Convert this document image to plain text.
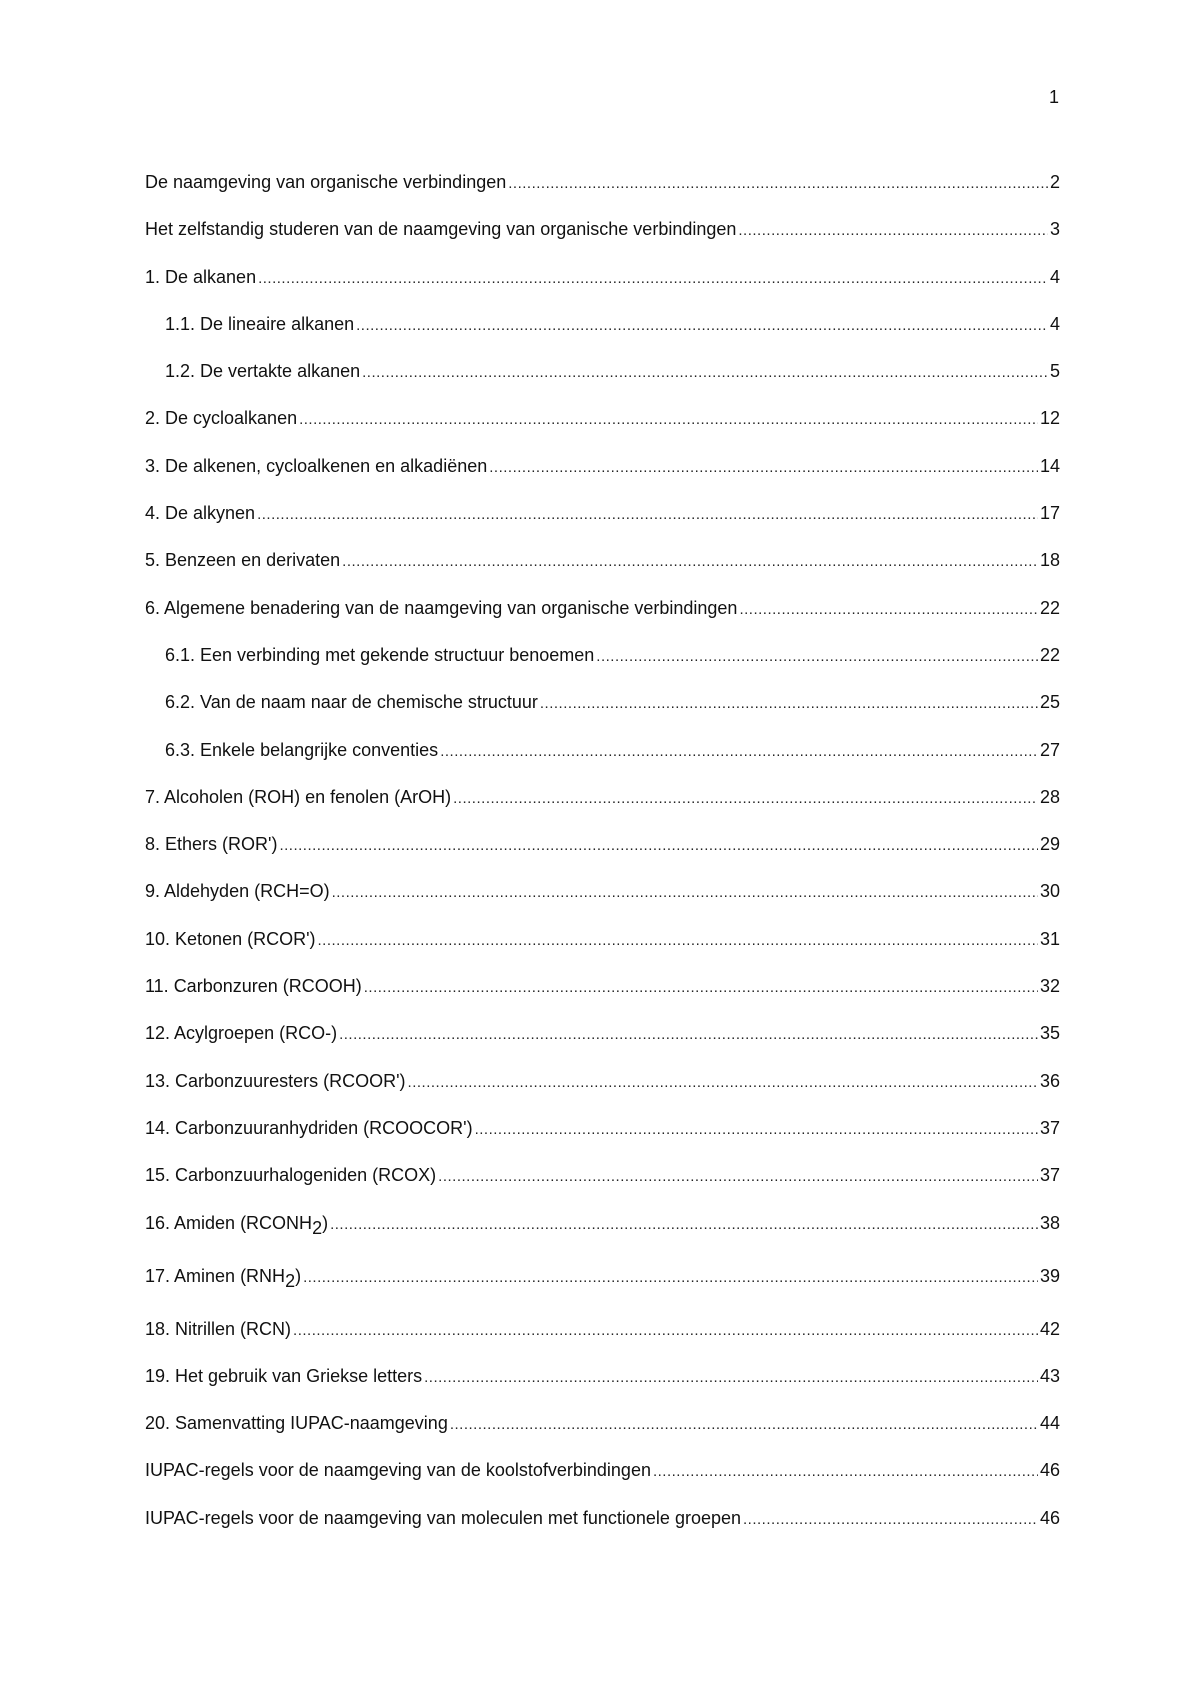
1
De naamgeving van organische verbindingen .....	2
Het zelfstandig studeren van de naamgeving van organische verbindingen .....	3
1. De alkanen .....	4
1.1. De lineaire alkanen .....	4
1.2. De vertakte alkanen .....	5
2. De cycloalkanen .....	12
3. De alkenen, cycloalkenen en alkadiënen .....	14
4. De alkynen .....	17
5. Benzeen en derivaten .....	18
6. Algemene benadering van de naamgeving van organische verbindingen .....	22
6.1. Een verbinding met gekende structuur benoemen .....	22
6.2. Van de naam naar de chemische structuur .....	25
6.3. Enkele belangrijke conventies .....	27
7. Alcoholen (ROH) en fenolen (ArOH) .....	28
8. Ethers (ROR') .....	29
9. Aldehyden (RCH=O) .....	30
10. Ketonen (RCOR') .....	31
11. Carbonzuren (RCOOH) .....	32
12. Acylgroepen (RCO-) .....	35
13. Carbonzuuresters (RCOOR') .....	36
14. Carbonzuuranhydriden (RCOOCOR') .....	37
15. Carbonzuurhalogeniden (RCOX) .....	37
16. Amiden $(RCONH_2)$ .....	38
17. Aminen $(RNH_2)$ .....	39
18. Nitrillen (RCN) .....	42
19. Het gebruik van Griekse letters .....	43
20. Samenvatting IUPAC-naamgeving .....	44
IUPAC-regels voor de naamgeving van de koolstofverbindingen .....	46
IUPAC-regels voor de naamgeving van moleculen met functionele groepen .....	46
